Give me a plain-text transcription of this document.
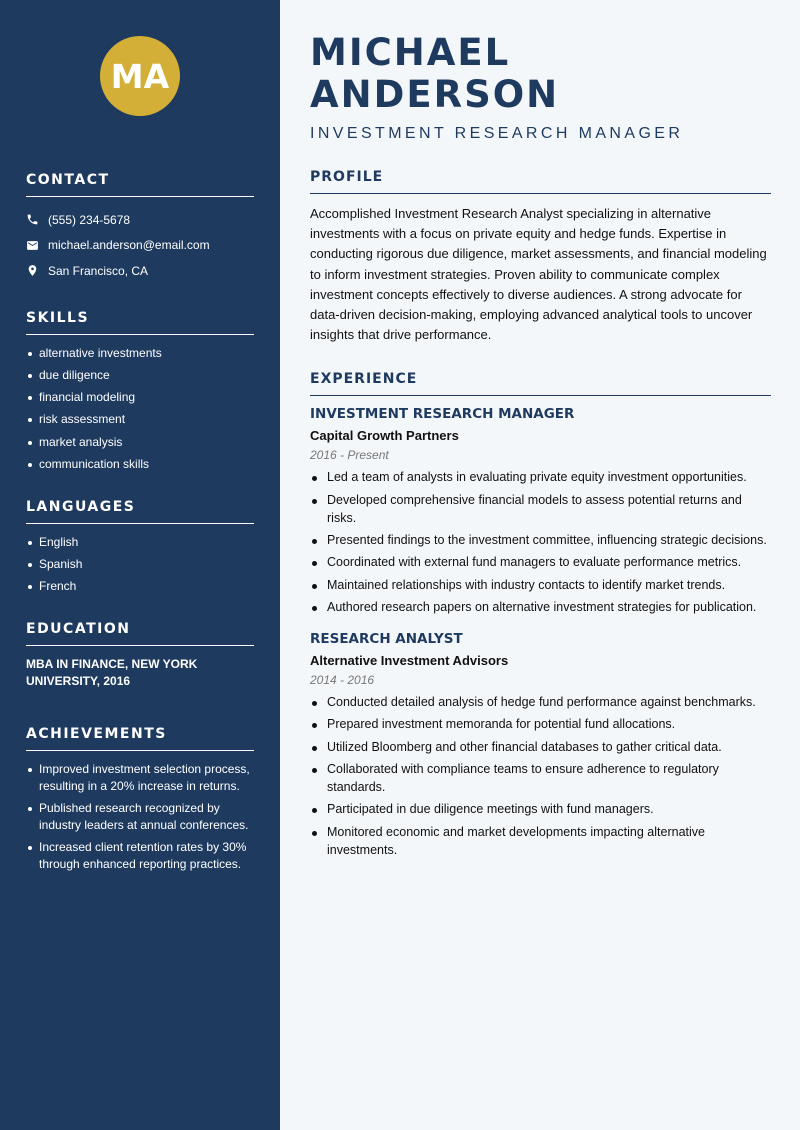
MA
CONTACT
(555) 234-5678
michael.anderson@email.com
San Francisco, CA
SKILLS
alternative investments
due diligence
financial modeling
risk assessment
market analysis
communication skills
LANGUAGES
English
Spanish
French
EDUCATION
MBA IN FINANCE, NEW YORK UNIVERSITY, 2016
ACHIEVEMENTS
Improved investment selection process, resulting in a 20% increase in returns.
Published research recognized by industry leaders at annual conferences.
Increased client retention rates by 30% through enhanced reporting practices.
MICHAEL ANDERSON
INVESTMENT RESEARCH MANAGER
PROFILE

Accomplished Investment Research Analyst specializing in alternative investments with a focus on private equity and hedge funds. Expertise in conducting rigorous due diligence, market assessments, and financial modeling to inform investment strategies. Proven ability to communicate complex investment concepts effectively to diverse audiences. A strong advocate for data-driven decision-making, employing advanced analytical tools to uncover insights that drive performance.

EXPERIENCE
INVESTMENT RESEARCH MANAGER
Capital Growth Partners
2016 - Present
Led a team of analysts in evaluating private equity investment opportunities.
Developed comprehensive financial models to assess potential returns and risks.
Presented findings to the investment committee, influencing strategic decisions.
Coordinated with external fund managers to evaluate performance metrics.
Maintained relationships with industry contacts to identify market trends.
Authored research papers on alternative investment strategies for publication.
RESEARCH ANALYST
Alternative Investment Advisors
2014 - 2016
Conducted detailed analysis of hedge fund performance against benchmarks.
Prepared investment memoranda for potential fund allocations.
Utilized Bloomberg and other financial databases to gather critical data.
Collaborated with compliance teams to ensure adherence to regulatory standards.
Participated in due diligence meetings with fund managers.
Monitored economic and market developments impacting alternative investments.
